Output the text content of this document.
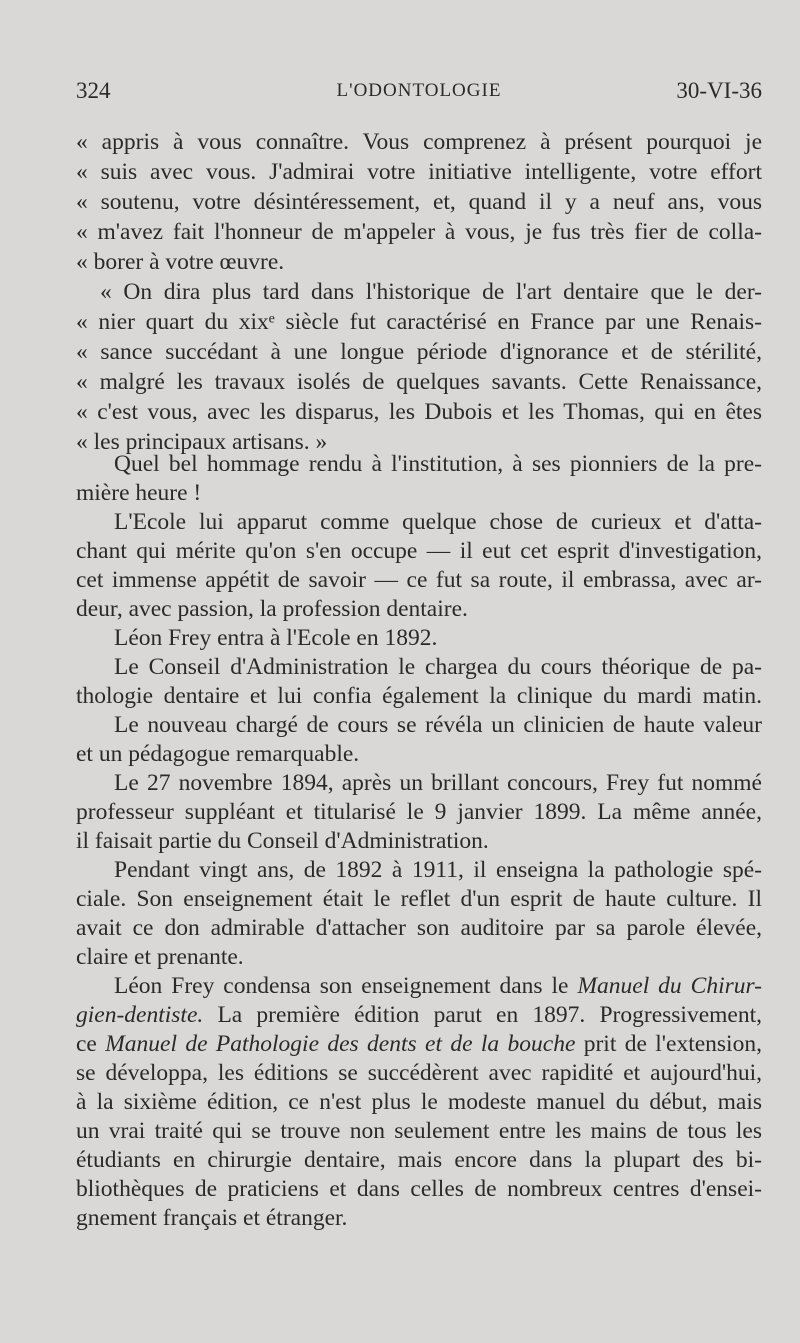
324	L'ODONTOLOGIE	30-VI-36
« appris à vous connaître. Vous comprenez à présent pourquoi je
« suis avec vous. J'admirai votre initiative intelligente, votre effort
« soutenu, votre désintéressement, et, quand il y a neuf ans, vous
« m'avez fait l'honneur de m'appeler à vous, je fus très fier de colla-
« borer à votre œuvre.
« On dira plus tard dans l'historique de l'art dentaire que le der-
« nier quart du xixᵉ siècle fut caractérisé en France par une Renais-
« sance succédant à une longue période d'ignorance et de stérilité,
« malgré les travaux isolés de quelques savants. Cette Renaissance,
« c'est vous, avec les disparus, les Dubois et les Thomas, qui en êtes
« les principaux artisans. »
Quel bel hommage rendu à l'institution, à ses pionniers de la pre-
mière heure !
L'Ecole lui apparut comme quelque chose de curieux et d'atta-
chant qui mérite qu'on s'en occupe — il eut cet esprit d'investigation,
cet immense appétit de savoir — ce fut sa route, il embrassa, avec ar-
deur, avec passion, la profession dentaire.
Léon Frey entra à l'Ecole en 1892.
Le Conseil d'Administration le chargea du cours théorique de pa-
thologie dentaire et lui confia également la clinique du mardi matin.
Le nouveau chargé de cours se révéla un clinicien de haute valeur
et un pédagogue remarquable.
Le 27 novembre 1894, après un brillant concours, Frey fut nommé
professeur suppléant et titularisé le 9 janvier 1899. La même année,
il faisait partie du Conseil d'Administration.
Pendant vingt ans, de 1892 à 1911, il enseigna la pathologie spé-
ciale. Son enseignement était le reflet d'un esprit de haute culture. Il
avait ce don admirable d'attacher son auditoire par sa parole élevée,
claire et prenante.
Léon Frey condensa son enseignement dans le Manuel du Chirur-
gien-dentiste. La première édition parut en 1897. Progressivement,
ce Manuel de Pathologie des dents et de la bouche prit de l'extension,
se développa, les éditions se succédèrent avec rapidité et aujourd'hui,
à la sixième édition, ce n'est plus le modeste manuel du début, mais
un vrai traité qui se trouve non seulement entre les mains de tous les
étudiants en chirurgie dentaire, mais encore dans la plupart des bi-
bliothèques de praticiens et dans celles de nombreux centres d'ensei-
gnement français et étranger.
